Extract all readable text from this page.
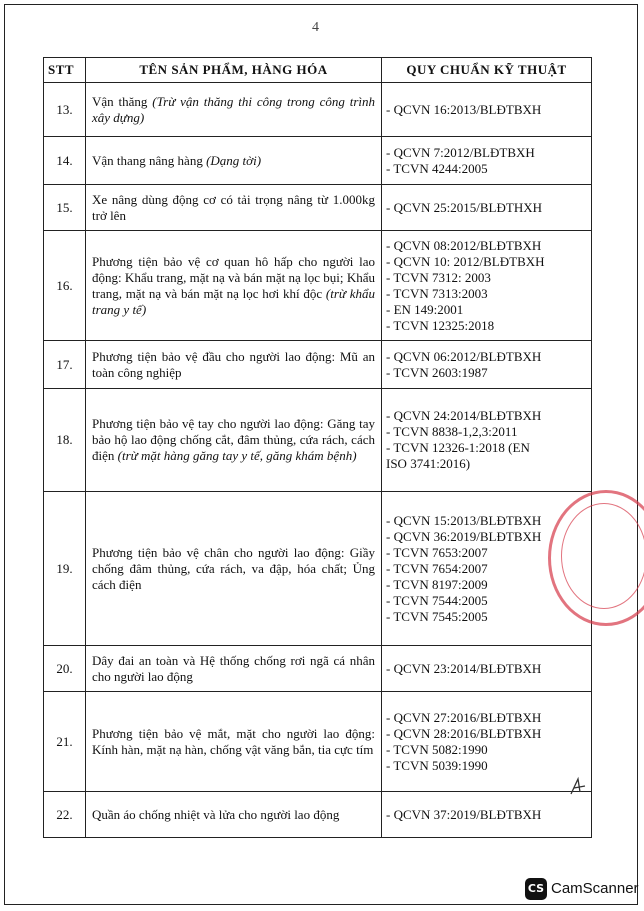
4
STT	TÊN SẢN PHẨM, HÀNG HÓA	QUY CHUẨN KỸ THUẬT
13.	Vận thăng (Trừ vận thăng thi công trong công trình xây dựng)	
- QCVN 16:2013/BLĐTBXH

14.	Vận thang nâng hàng (Dạng tời)	
- QCVN 7:2012/BLĐTBXH
- TCVN 4244:2005

15.	Xe nâng dùng động cơ có tải trọng nâng từ 1.000kg trở lên	
- QCVN 25:2015/BLĐTHXH

16.	Phương tiện bảo vệ cơ quan hô hấp cho người lao động: Khẩu trang, mặt nạ và bán mặt nạ lọc bụi; Khẩu trang, mặt nạ và bán mặt nạ lọc hơi khí độc (trừ khẩu trang y tế)	
- QCVN 08:2012/BLĐTBXH
- QCVN 10: 2012/BLĐTBXH
- TCVN 7312: 2003
- TCVN 7313:2003
- EN 149:2001
- TCVN 12325:2018

17.	Phương tiện bảo vệ đầu cho người lao động: Mũ an toàn công nghiệp	
- QCVN 06:2012/BLĐTBXH
- TCVN 2603:1987

18.	Phương tiện bảo vệ tay cho người lao động: Găng tay bảo hộ lao động chống cắt, đâm thủng, cứa rách, cách điện (trừ mặt hàng găng tay y tế, găng khám bệnh)	
- QCVN 24:2014/BLĐTBXH
- TCVN 8838-1,2,3:2011
- TCVN 12326-1:2018 (EN
ISO 3741:2016)

19.	Phương tiện bảo vệ chân cho người lao động: Giầy chống đâm thủng, cứa rách, va đập, hóa chất; Ủng cách điện	
- QCVN 15:2013/BLĐTBXH
- QCVN 36:2019/BLĐTBXH
- TCVN 7653:2007
- TCVN 7654:2007
- TCVN 8197:2009
- TCVN 7544:2005
- TCVN 7545:2005

20.	Dây đai an toàn và Hệ thống chống rơi ngã cá nhân cho người lao động	
- QCVN 23:2014/BLĐTBXH

21.	Phương tiện bảo vệ mắt, mặt cho người lao động: Kính hàn, mặt nạ hàn, chống vật văng bắn, tia cực tím	
- QCVN 27:2016/BLĐTBXH
- QCVN 28:2016/BLĐTBXH
- TCVN 5082:1990
- TCVN 5039:1990

22.	Quần áo chống nhiệt và lửa cho người lao động	- QCVN 37:2019/BLĐTBXH
CS CamScanner
